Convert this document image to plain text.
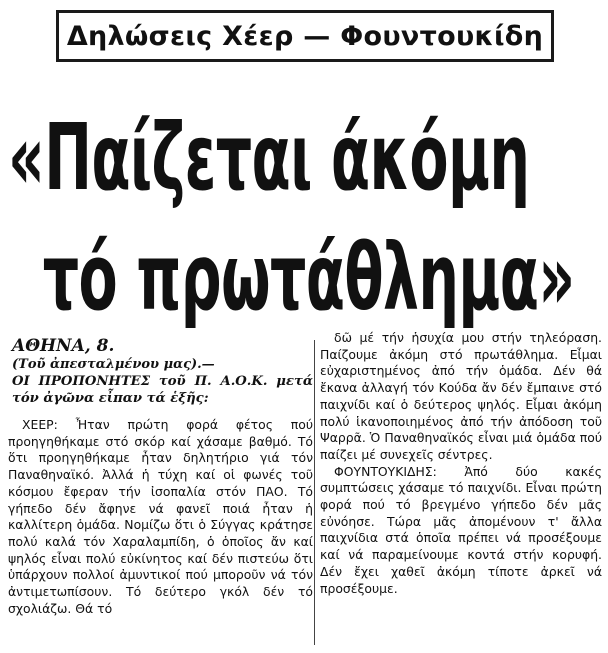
Δηλώσεις Χέερ — Φουντουκίδη
«Παίζεται άκόμη
τό πρωτάθλημα»
ΑΘΗΝΑ, 8.
(Τοῦ ἀπεσταλμένου μας).—
ΟΙ ΠΡΟΠΟΝΗΤΕΣ τοῦ Π. Α.Ο.Κ. μετά τόν ἀγῶνα εἶπαν τά ἑξῆς:
ΧΕΕΡ: Ἦταν πρώτη φορά φέτος πού προηγηθήκαμε στό σκόρ καί χάσαμε βαθμό. Τό ὅτι προηγηθήκαμε ἦταν δηλητήριο γιά τόν Παναθηναϊκό. Ἀλλά ἡ τύχη καί οἱ φωνές τοῦ κόσμου ἔφεραν τήν ἰσοπαλία στόν ΠΑΟ. Τό γήπεδο δέν ἄφηνε νά φανεῖ ποιά ἦταν ἡ καλλίτερη ὁμάδα. Νομίζω ὅτι ὁ Σύγγας κράτησε πολύ καλά τόν Χαραλαμπίδη, ὁ ὁποῖος ἄν καί ψηλός εἶναι πολύ εὐκίνητος καί δέν πιστεύω ὅτι ὑπάρχουν πολλοί ἀμυντικοί πού μποροῦν νά τόν ἀντιμετωπίσουν. Τό δεύτερο γκόλ δέν τό σχολιάζω. Θά τό
δῶ μέ τήν ἡσυχία μου στήν τηλεόραση. Παίζουμε ἀκόμη στό πρωτάθλημα. Εἶμαι εὐχαριστημένος ἀπό τήν ὁμάδα. Δέν θά ἔκανα ἀλλαγή τόν Κούδα ἄν δέν ἔμπαινε στό παιχνίδι καί ὁ δεύτερος ψηλός. Εἶμαι ἀκόμη πολύ ἱκανοποιημένος ἀπό τήν ἀπόδοση τοῦ Ψαρρᾶ. Ὁ Παναθηναϊκός εἶναι μιά ὁμάδα πού παίζει μέ συνεχεῖς σέντρες.
ΦΟΥΝΤΟΥΚΙΔΗΣ: Ἀπό δύο κακές συμπτώσεις χάσαμε τό παιχνίδι. Εἶναι πρώτη φορά πού τό βρεγμένο γήπεδο δέν μᾶς εὐνόησε. Τώρα μᾶς ἀπομένουν τ' ἄλλα παιχνίδια στά ὁποῖα πρέπει νά προσέξουμε καί νά παραμείνουμε κοντά στήν κορυφή. Δέν ἔχει χαθεῖ ἀκόμη τίποτε ἀρκεῖ νά προσέξουμε.
